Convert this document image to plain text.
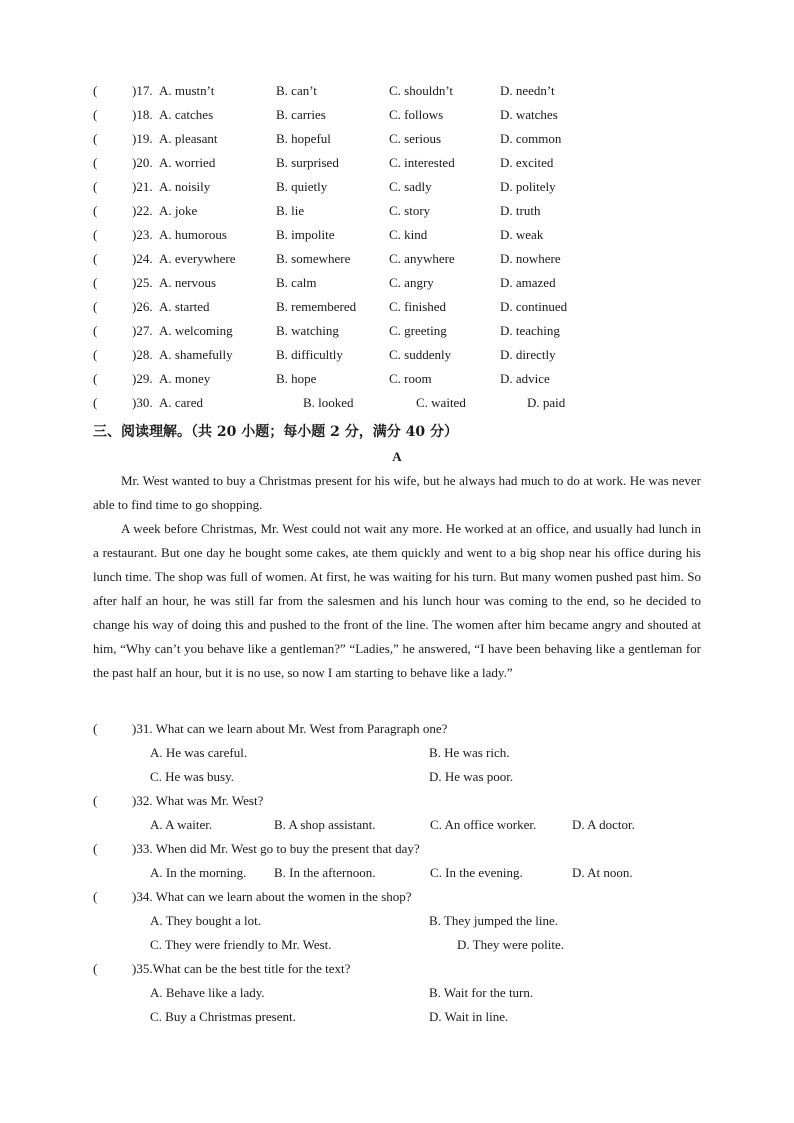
(	)17. A. mustn’t	B. can’t	C. shouldn’t	D. needn’t
(	)18. A. catches	B. carries	C. follows	D. watches
(	)19. A. pleasant	B. hopeful	C. serious	D. common
(	)20. A. worried	B. surprised	C. interested	D. excited
(	)21. A. noisily	B. quietly	C. sadly	D. politely
(	)22. A. joke	B. lie	C. story	D. truth
(	)23. A. humorous	B. impolite	C. kind	D. weak
(	)24. A. everywhere	B. somewhere	C. anywhere	D. nowhere
(	)25. A. nervous	B. calm	C. angry	D. amazed
(	)26. A. started	B. remembered	C. finished	D. continued
(	)27. A. welcoming	B. watching	C. greeting	D. teaching
(	)28. A. shamefully	B. difficultly	C. suddenly	D. directly
(	)29. A. money	B. hope	C. room	D. advice
(	)30. A. cared	B. looked	C. waited	D. paid
三、阅读理解。（共 20 小题；每小题 2 分，满分 40 分）
A

Mr. West wanted to buy a Christmas present for his wife, but he always had much to do at work. He was never able to find time to go shopping.

A week before Christmas, Mr. West could not wait any more. He worked at an office, and usually had lunch in a restaurant. But one day he bought some cakes, ate them quickly and went to a big shop near his office during his lunch time. The shop was full of women. At first, he was waiting for his turn. But many women pushed past him. So after half an hour, he was still far from the salesmen and his lunch hour was coming to the end, so he decided to change his way of doing this and pushed to the front of the line. The women after him became angry and shouted at him, “Why can’t you behave like a gentleman?” “Ladies,” he answered, “I have been behaving like a gentleman for the past half an hour, but it is no use, so now I am starting to behave like a lady.”

(	)31. What can we learn about Mr. West from Paragraph one?
A. He was careful.	B. He was rich.
C. He was busy.	D. He was poor.
(	)32. What was Mr. West?
A. A waiter.	B. A shop assistant.	C. An office worker.	D. A doctor.
(	)33. When did Mr. West go to buy the present that day?
A. In the morning. B. In the afternoon.	C. In the evening.	D. At noon.
(	)34. What can we learn about the women in the shop?
A. They bought a lot.	B. They jumped the line.
C. They were friendly to Mr. West.	D. They were polite.
(	)35.What can be the best title for the text?
A. Behave like a lady.	B. Wait for the turn.
C. Buy a Christmas present.	D. Wait in line.
